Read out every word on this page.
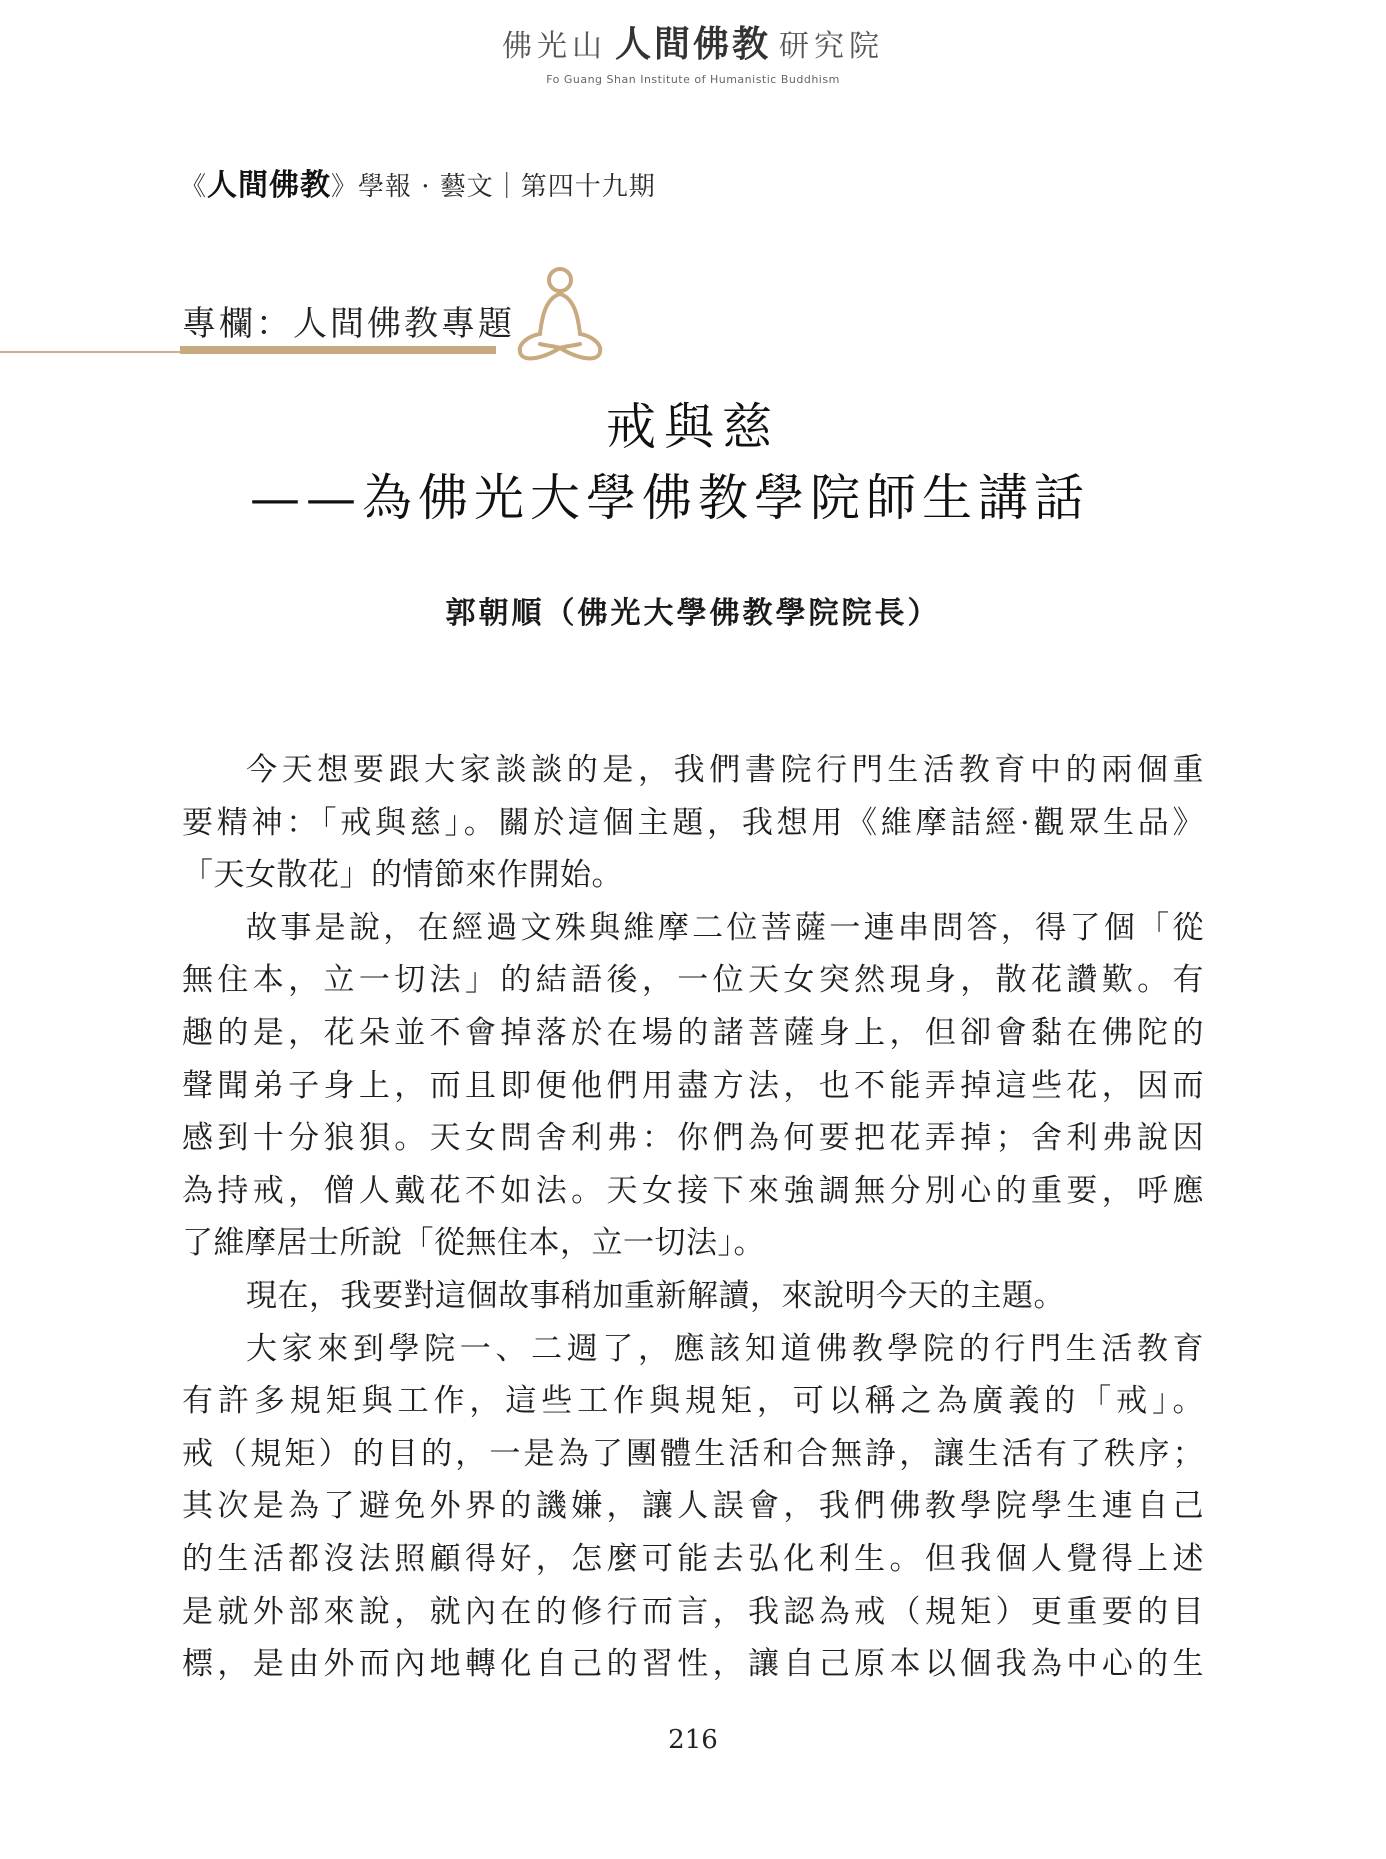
佛光山 人間佛教 研究院
Fo Guang Shan Institute of Humanistic Buddhism
《人間佛教》學報 · 藝文｜第四十九期
專欄：人間佛教專題
戒與慈
——為佛光大學佛教學院師生講話
郭朝順（佛光大學佛教學院院長）
今天想要跟大家談談的是，我們書院行門生活教育中的兩個重
要精神：「戒與慈」。關於這個主題，我想用《維摩詰經·觀眾生品》
「天女散花」的情節來作開始。
故事是說，在經過文殊與維摩二位菩薩一連串問答，得了個「從
無住本，立一切法」的結語後，一位天女突然現身，散花讚歎。有
趣的是，花朵並不會掉落於在場的諸菩薩身上，但卻會黏在佛陀的
聲聞弟子身上，而且即便他們用盡方法，也不能弄掉這些花，因而
感到十分狼狽。天女問舍利弗：你們為何要把花弄掉；舍利弗說因
為持戒，僧人戴花不如法。天女接下來強調無分別心的重要，呼應
了維摩居士所說「從無住本，立一切法」。
現在，我要對這個故事稍加重新解讀，來說明今天的主題。
大家來到學院一、二週了，應該知道佛教學院的行門生活教育
有許多規矩與工作，這些工作與規矩，可以稱之為廣義的「戒」。
戒（規矩）的目的，一是為了團體生活和合無諍，讓生活有了秩序；
其次是為了避免外界的譏嫌，讓人誤會，我們佛教學院學生連自己
的生活都沒法照顧得好，怎麼可能去弘化利生。但我個人覺得上述
是就外部來說，就內在的修行而言，我認為戒（規矩）更重要的目
標，是由外而內地轉化自己的習性，讓自己原本以個我為中心的生
216
